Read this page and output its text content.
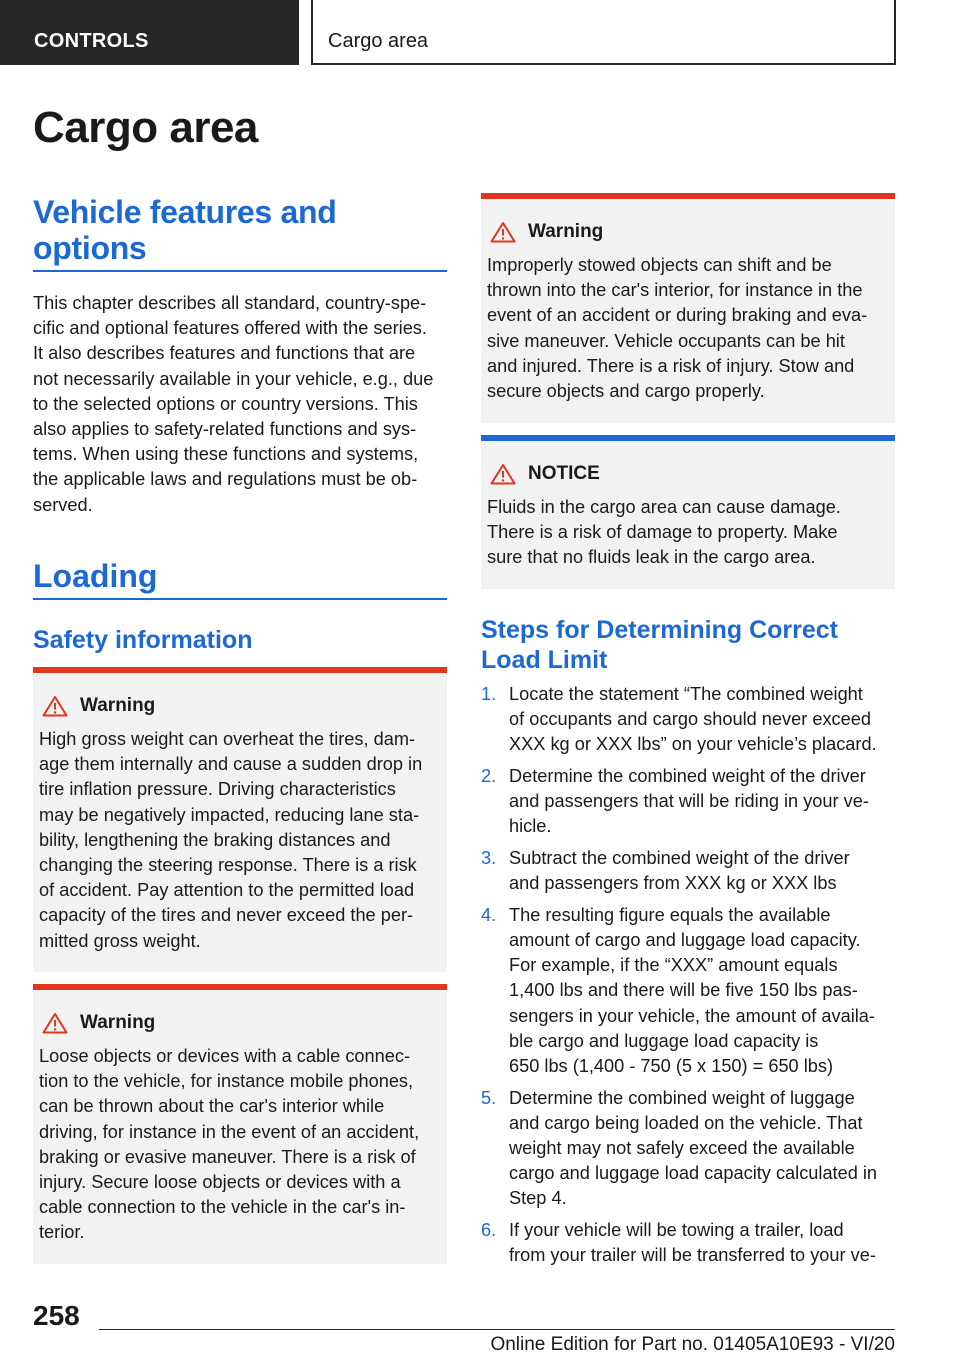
CONTROLS	Cargo area
Cargo area
Vehicle features and
options
This chapter describes all standard, country-spe‐
cific and optional features offered with the series.
It also describes features and functions that are
not necessarily available in your vehicle, e.g., due
to the selected options or country versions. This
also applies to safety-related functions and sys‐
tems. When using these functions and systems,
the applicable laws and regulations must be ob‐
served.
Loading
Safety information
Warning
High gross weight can overheat the tires, dam‐
age them internally and cause a sudden drop in
tire inflation pressure. Driving characteristics
may be negatively impacted, reducing lane sta‐
bility, lengthening the braking distances and
changing the steering response. There is a risk
of accident. Pay attention to the permitted load
capacity of the tires and never exceed the per‐
mitted gross weight.
Warning
Loose objects or devices with a cable connec‐
tion to the vehicle, for instance mobile phones,
can be thrown about the car's interior while
driving, for instance in the event of an accident,
braking or evasive maneuver. There is a risk of
injury. Secure loose objects or devices with a
cable connection to the vehicle in the car's in‐
terior.
Warning
Improperly stowed objects can shift and be
thrown into the car's interior, for instance in the
event of an accident or during braking and eva‐
sive maneuver. Vehicle occupants can be hit
and injured. There is a risk of injury. Stow and
secure objects and cargo properly.
NOTICE
Fluids in the cargo area can cause damage.
There is a risk of damage to property. Make
sure that no fluids leak in the cargo area.
Steps for Determining Correct
Load Limit
1. Locate the statement “The combined weight
of occupants and cargo should never exceed
XXX kg or XXX lbs” on your vehicle’s placard.
2. Determine the combined weight of the driver
and passengers that will be riding in your ve‐
hicle.
3. Subtract the combined weight of the driver
and passengers from XXX kg or XXX lbs
4. The resulting figure equals the available
amount of cargo and luggage load capacity.
For example, if the “XXX” amount equals
1,400 lbs and there will be five 150 lbs pas‐
sengers in your vehicle, the amount of availa‐
ble cargo and luggage load capacity is
650 lbs (1,400 - 750 (5 x 150) = 650 lbs)
5. Determine the combined weight of luggage
and cargo being loaded on the vehicle. That
weight may not safely exceed the available
cargo and luggage load capacity calculated in
Step 4.
6. If your vehicle will be towing a trailer, load
from your trailer will be transferred to your ve‐
258
Online Edition for Part no. 01405A10E93 - VI/20
